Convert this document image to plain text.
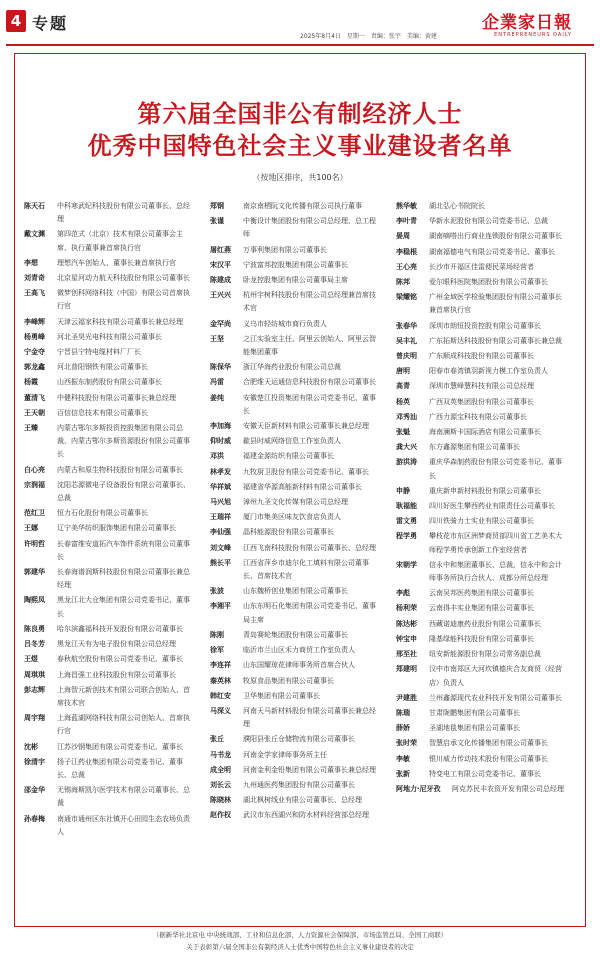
4 专题	企業家日報
ENTREPRENEURS DAILY
2025年8月4日　星期一　责编：张宇　美编：黄建
第六届全国非公有制经济人士
优秀中国特色社会主义事业建设者名单
（按地区排序，共100名）
陈天石	中科寒武纪科技股份有限公司董事长、总经理
戴文渊	第四范式（北京）技术有限公司董事会主席、执行董事兼首席执行官
李想	理想汽车创始人、董事长兼首席执行官
刘青奇	北京星河动力航天科技股份有限公司董事长
王高飞	微梦创科网络科技（中国）有限公司首席执行官
李峰辉	天津云福家科技有限公司董事长兼总经理
杨勇峰	河北圣昊光电科技有限公司董事长
宁金夺	宁晋县宁特电缆材料厂厂长
郭龙鑫	河北普阳钢铁有限公司董事长
杨霞	山西振东制药股份有限公司董事长
董清飞	中健科技股份有限公司董事长兼总经理
王天朝	百信信息技术有限公司董事长
王臻	内蒙古鄂尔多斯投资控股集团有限公司总裁、内蒙古鄂尔多斯资源股份有限公司董事长
白心亮	内蒙古和原生物科技股份有限公司董事长
宗润福	沈阳芯源微电子设备股份有限公司董事长、总裁
范红卫	恒力石化股份有限公司董事长
王娜	辽宁美华纺织服饰集团有限公司董事长
许明哲	长春富维安道拓汽车饰件系统有限公司董事长
郭建华	长春海谱润斯科技股份有限公司董事长兼总经理
陶熙凤	黑龙江北大仓集团有限公司党委书记、董事长
陈良勇	哈尔滨鑫福科技开发股份有限公司董事长
吕冬芳	黑龙江天有为电子股份有限公司总经理
王煜	春秋航空股份有限公司党委书记、董事长
周琪琪	上海昌强工业科技股份有限公司董事长
彭志辉	上海智元新创技术有限公司联合创始人、首席技术官
周宇翔	上海蓝湖网络科技有限公司创始人、首席执行官
沈彬	江苏沙钢集团有限公司党委书记、董事长
徐清宇	扬子江药业集团有限公司党委书记、董事长、总裁
邵金华	无锡海斯凯尔医学技术有限公司董事长、总裁
孙春梅	南通市通州区东社镇开心田园生态农场负责人
郑钢	南京南栖阮文化传播有限公司执行董事
张谨	中衡设计集团股份有限公司总经理、总工程师
屠红燕	万事利集团有限公司董事长
宋汉平	宁波富邦控股集团有限公司董事长
陈建成	卧龙控股集团有限公司董事局主席
王兴兴	杭州宇树科技股份有限公司总经理兼首席技术官
金罕尚	义乌市轻纺城市商行负责人
王坚	之江实验室主任、阿里云创始人、阿里云智能集团董事
陈保华	浙江华海药业股份有限公司总裁
冯雷	合肥维天运通信息科技股份有限公司董事长
姜纯	安徽楚江投资集团有限公司党委书记、董事长
李加海	安徽天臣新材料有限公司董事长兼总经理
仰时威	歙县时威网络信息工作室负责人
邓洪	福建金源纺织有限公司董事长
林孝发	九牧厨卫股份有限公司党委书记、董事长
华祥斌	福建省华源高能新材料有限公司董事长
马兴旭	漳州九圣文化传媒有限公司总经理
王瑞祥	厦门市集美区味友饮食店负责人
李仙强	晶科能源股份有限公司董事长
刘文峰	江西飞南科技股份有限公司董事长、总经理
熊长平	江西省萍乡市迪尔化工填料有限公司董事长、首席技术官
张波	山东魏桥创业集团有限公司董事长
李湘平	山东东明石化集团有限公司党委书记、董事局主席
陈刚	青岛赛轮集团股份有限公司董事长
徐军	临沂市兰山区禾力商贸工作室负责人
李连祥	山东国耀琼花律师事务所首席合伙人
秦英林	牧原食品集团有限公司董事长
韩红安	卫华集团有限公司董事长
马深义	河南天马新材料股份有限公司董事长兼总经理
张丘	濮阳县张丘仓储物流有限公司董事长
马书龙	河南金学家律师事务所主任
成全明	河南金利金铅集团有限公司董事长兼总经理
刘长云	九州通医药集团股份有限公司董事长
陈晓林	湖北枫树线业有限公司董事长、总经理
赵作权	武汉市东西湖兴和防水材料经营部总经理
熊华敏	湖北弘心书院院长
李叶青	华新水泥股份有限公司党委书记、总裁
晏周	湖南嘀嗒出行商业连锁股份有限公司董事长
李稳根	湖南福德电气有限公司党委书记、董事长
王心亮	长沙市开福区佳雷便民菜场经营者
陈邦	爱尔眼科医院集团股份有限公司董事长
梁耀铭	广州金域医学检验集团股份有限公司董事长兼首席执行官
张春华	深圳市朗恒投资控股有限公司董事长
吴丰礼	广东拓斯达科技股份有限公司董事长兼总裁
曾庆明	广东顺成科技股份有限公司董事长
唐明	阳春市春湾镇羽新视力模工作室负责人
高青	深圳市慧峰慧科技有限公司总经理
杨英	广西双英集团股份有限公司董事长
邓秀汕	广西力源宝科技有限公司董事长
张魁	海南澜斯卡国际酒店有限公司董事长
龚大兴	东方鑫源集团有限公司董事长
游洪涛	重庆华森制药股份有限公司党委书记、董事长
申静	重庆新申新材料股份有限公司董事长
耿福能	四川好医生攀西药业有限责任公司董事长
雷文勇	四川铁骑力士实业有限公司董事长
程学勇	攀枝花市东区洲梦商贸部四川省工艺美术大师程学勇传承创新工作室经营者
宋朝学	信永中和集团董事长、总裁，信永中和会计师事务所执行合伙人、成都分所总经理
李彪	云南吴邦医药集团有限公司董事长
杨利荣	云南得丰实业集团有限公司董事长
陈达彬	西藏诺迪康药业股份有限公司董事长
钟宝申	隆基绿能科技股份有限公司董事长
邢至社	纽安新能源股份有限公司常务副总裁
郑建明	汉中市南郑区大河坎镇德庆合友商贸（经营店）负责人
尹建胜	兰州鑫源现代农业科技开发有限公司董事长
陈瑞	甘肃陇鹏集团有限公司董事长
薛娇	圣湖地毯集团有限公司董事长
张时荣	智慧启承文化传播集团有限公司董事长
李敏	银川威力传动技术股份有限公司董事长
张新	特变电工有限公司党委书记、董事长
阿地力·尼牙孜	阿克苏民丰农资开发有限公司总经理
（据新华社北京电 中央统战部、工业和信息化部、人力资源社会保障部、市场监管总局、全国工商联）
关于表彰第六届全国非公有制经济人士优秀中国特色社会主义事业建设者的决定
